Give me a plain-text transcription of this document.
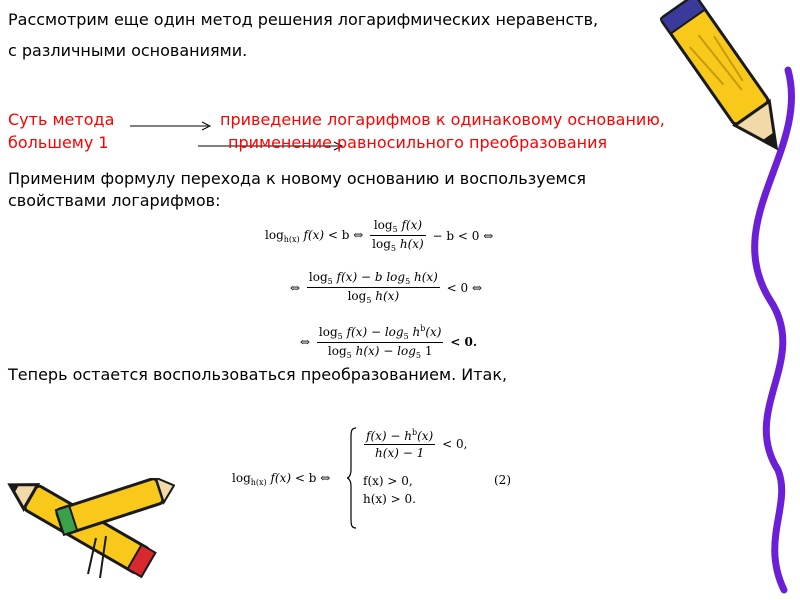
Рассмотрим еще один метод решения логарифмических неравенств,
с различными основаниями.
Суть метода	приведение логарифмов к одинаковому основанию,
большему 1	применение равносильного преобразования
Применим формулу перехода к новому основанию и воспользуемся
свойствами логарифмов:
$\log_{h(x)} f(x) < b$ ⇔ $\frac{\log_5 f(x)}{\log_5 h(x)} - b < 0$ ⇔
⇔ $\frac{\log_5 f(x) - b \log_5 h(x)}{\log_5 h(x)} < 0$ ⇔
⇔ $\frac{\log_5 f(x) - \log_5 h^b(x)}{\log_5 h(x) - \log_5 1} < 0$.
Теперь остается воспользоваться преобразованием. Итак,
$\log_{h(x)} f(x) < b$ ⇔
$\frac{f(x) - h^b(x)}{h(x) - 1} < 0$,
f(x) > 0,
h(x) > 0.
(2)
